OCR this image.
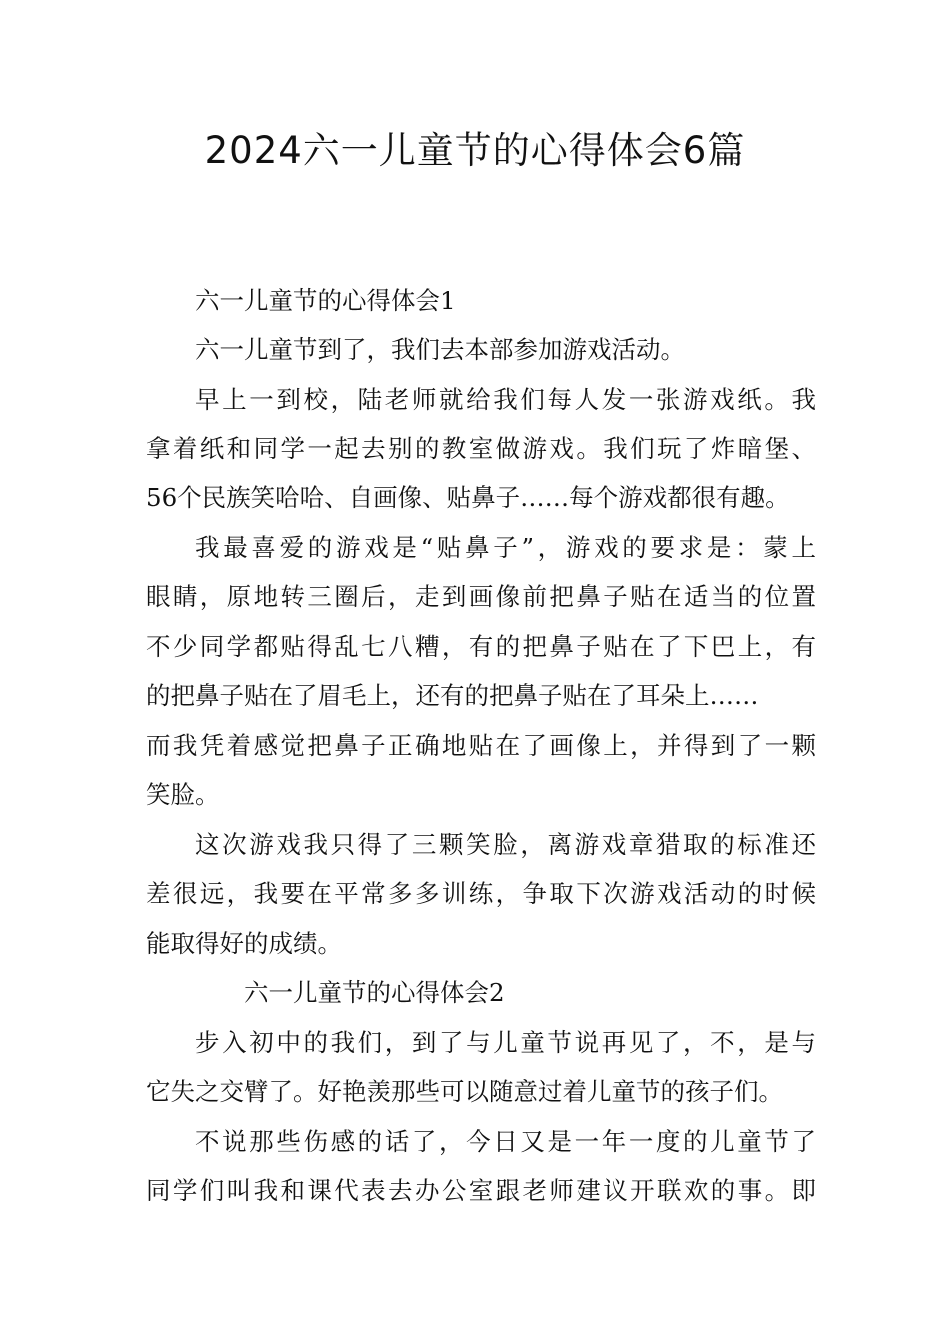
2024六一儿童节的心得体会6篇

六一儿童节的心得体会1

六一儿童节到了，我们去本部参加游戏活动。

早上一到校，陆老师就给我们每人发一张游戏纸。我

拿着纸和同学一起去别的教室做游戏。我们玩了炸暗堡、

56个民族笑哈哈、自画像、贴鼻子……每个游戏都很有趣。

我最喜爱的游戏是“贴鼻子”，游戏的要求是：蒙上

眼睛，原地转三圈后，走到画像前把鼻子贴在适当的位置

不少同学都贴得乱七八糟，有的把鼻子贴在了下巴上，有

的把鼻子贴在了眉毛上，还有的把鼻子贴在了耳朵上……

而我凭着感觉把鼻子正确地贴在了画像上，并得到了一颗

笑脸。

这次游戏我只得了三颗笑脸，离游戏章猎取的标准还

差很远，我要在平常多多训练，争取下次游戏活动的时候

能取得好的成绩。

六一儿童节的心得体会2

步入初中的我们，到了与儿童节说再见了，不，是与

它失之交臂了。好艳羡那些可以随意过着儿童节的孩子们。

不说那些伤感的话了，今日又是一年一度的儿童节了

同学们叫我和课代表去办公室跟老师建议开联欢的事。即
